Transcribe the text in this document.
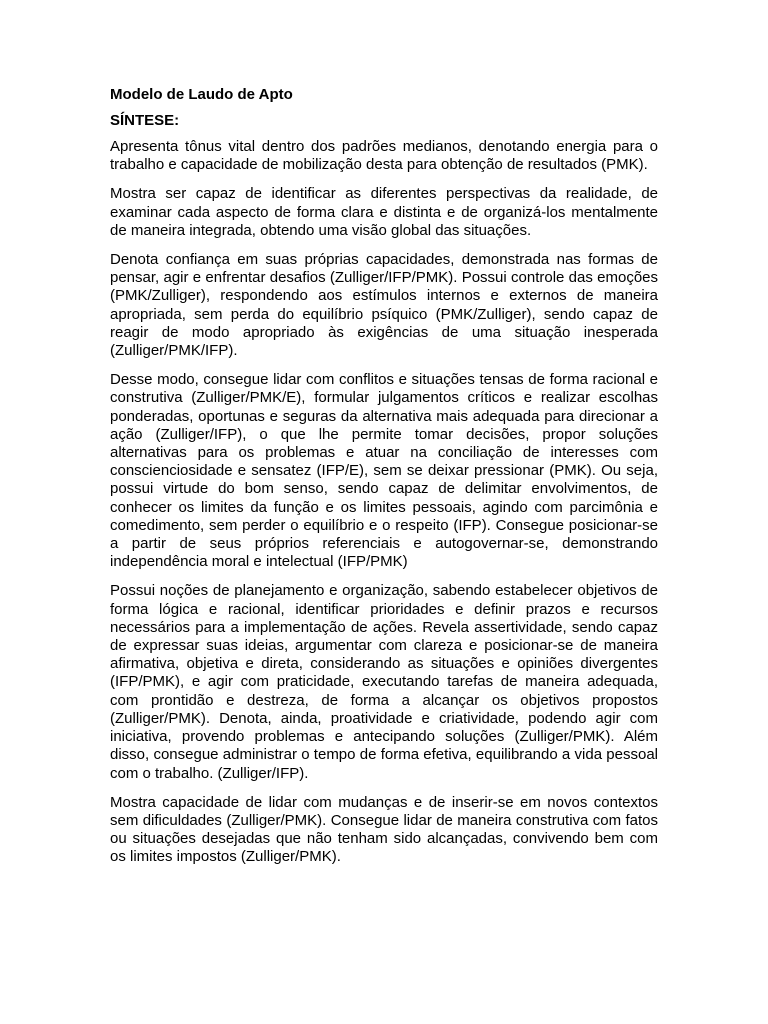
Modelo de Laudo de Apto
SÍNTESE:

Apresenta tônus vital dentro dos padrões medianos, denotando energia para o trabalho e capacidade de mobilização desta para obtenção de resultados (PMK).

Mostra ser capaz de identificar as diferentes perspectivas da realidade, de examinar cada aspecto de forma clara e distinta e de organizá-los mentalmente de maneira integrada, obtendo uma visão global das situações.

Denota confiança em suas próprias capacidades, demonstrada nas formas de pensar, agir e enfrentar desafios (Zulliger/IFP/PMK). Possui controle das emoções (PMK/Zulliger), respondendo aos estímulos internos e externos de maneira apropriada, sem perda do equilíbrio psíquico (PMK/Zulliger), sendo capaz de reagir de modo apropriado às exigências de uma situação inesperada (Zulliger/PMK/IFP).

Desse modo, consegue lidar com conflitos e situações tensas de forma racional e construtiva (Zulliger/PMK/E), formular julgamentos críticos e realizar escolhas ponderadas, oportunas e seguras da alternativa mais adequada para direcionar a ação (Zulliger/IFP), o que lhe permite tomar decisões, propor soluções alternativas para os problemas e atuar na conciliação de interesses com conscienciosidade e sensatez (IFP/E), sem se deixar pressionar (PMK). Ou seja, possui virtude do bom senso, sendo capaz de delimitar envolvimentos, de conhecer os limites da função e os limites pessoais, agindo com parcimônia e comedimento, sem perder o equilíbrio e o respeito (IFP). Consegue posicionar-se a partir de seus próprios referenciais e autogovernar-se, demonstrando independência moral e intelectual (IFP/PMK)

Possui noções de planejamento e organização, sabendo estabelecer objetivos de forma lógica e racional, identificar prioridades e definir prazos e recursos necessários para a implementação de ações. Revela assertividade, sendo capaz de expressar suas ideias, argumentar com clareza e posicionar-se de maneira afirmativa, objetiva e direta, considerando as situações e opiniões divergentes (IFP/PMK), e agir com praticidade, executando tarefas de maneira adequada, com prontidão e destreza, de forma a alcançar os objetivos propostos (Zulliger/PMK). Denota, ainda, proatividade e criatividade, podendo agir com iniciativa, provendo problemas e antecipando soluções (Zulliger/PMK). Além disso, consegue administrar o tempo de forma efetiva, equilibrando a vida pessoal com o trabalho. (Zulliger/IFP).

Mostra capacidade de lidar com mudanças e de inserir-se em novos contextos sem dificuldades (Zulliger/PMK). Consegue lidar de maneira construtiva com fatos ou situações desejadas que não tenham sido alcançadas, convivendo bem com os limites impostos (Zulliger/PMK).
